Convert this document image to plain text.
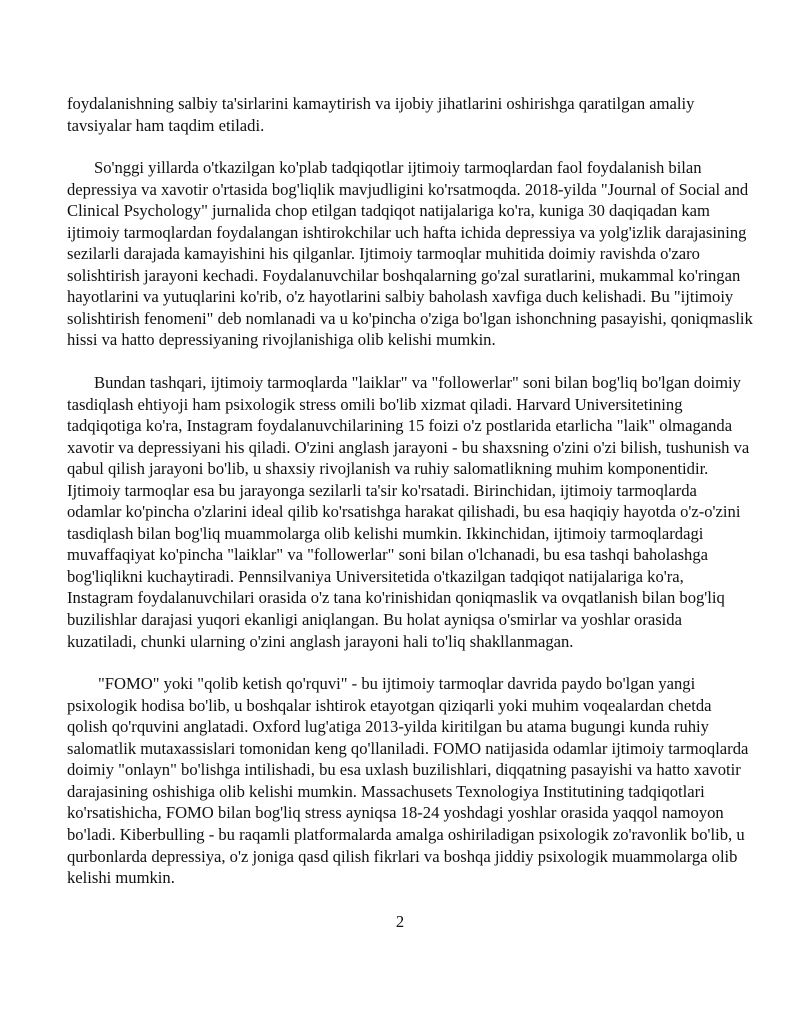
foydalanishning salbiy ta'sirlarini kamaytirish va ijobiy jihatlarini oshirishga qaratilgan amaliy tavsiyalar ham taqdim etiladi.

So'nggi yillarda o'tkazilgan ko'plab tadqiqotlar ijtimoiy tarmoqlardan faol foydalanish bilan depressiya va xavotir o'rtasida bog'liqlik mavjudligini ko'rsatmoqda. 2018-yilda "Journal of Social and Clinical Psychology" jurnalida chop etilgan tadqiqot natijalariga ko'ra, kuniga 30 daqiqadan kam ijtimoiy tarmoqlardan foydalangan ishtirokchilar uch hafta ichida depressiya va yolg'izlik darajasining sezilarli darajada kamayishini his qilganlar. Ijtimoiy tarmoqlar muhitida doimiy ravishda o'zaro solishtirish jarayoni kechadi. Foydalanuvchilar boshqalarning go'zal suratlarini, mukammal ko'ringan hayotlarini va yutuqlarini ko'rib, o'z hayotlarini salbiy baholash xavfiga duch kelishadi. Bu "ijtimoiy solishtirish fenomeni" deb nomlanadi va u ko'pincha o'ziga bo'lgan ishonchning pasayishi, qoniqmaslik hissi va hatto depressiyaning rivojlanishiga olib kelishi mumkin.

Bundan tashqari, ijtimoiy tarmoqlarda "laiklar" va "followerlar" soni bilan bog'liq bo'lgan doimiy tasdiqlash ehtiyoji ham psixologik stress omili bo'lib xizmat qiladi. Harvard Universitetining tadqiqotiga ko'ra, Instagram foydalanuvchilarining 15 foizi o'z postlarida etarlicha "laik" olmaganda xavotir va depressiyani his qiladi. O'zini anglash jarayoni - bu shaxsning o'zini o'zi bilish, tushunish va qabul qilish jarayoni bo'lib, u shaxsiy rivojlanish va ruhiy salomatlikning muhim komponentidir. Ijtimoiy tarmoqlar esa bu jarayonga sezilarli ta'sir ko'rsatadi. Birinchidan, ijtimoiy tarmoqlarda odamlar ko'pincha o'zlarini ideal qilib ko'rsatishga harakat qilishadi, bu esa haqiqiy hayotda o'z-o'zini tasdiqlash bilan bog'liq muammolarga olib kelishi mumkin. Ikkinchidan, ijtimoiy tarmoqlardagi muvaffaqiyat ko'pincha "laiklar" va "followerlar" soni bilan o'lchanadi, bu esa tashqi baholashga bog'liqlikni kuchaytiradi. Pennsilvaniya Universitetida o'tkazilgan tadqiqot natijalariga ko'ra, Instagram foydalanuvchilari orasida o'z tana ko'rinishidan qoniqmaslik va ovqatlanish bilan bog'liq buzilishlar darajasi yuqori ekanligi aniqlangan. Bu holat ayniqsa o'smirlar va yoshlar orasida kuzatiladi, chunki ularning o'zini anglash jarayoni hali to'liq shakllanmagan.

"FOMO" yoki "qolib ketish qo'rquvi" - bu ijtimoiy tarmoqlar davrida paydo bo'lgan yangi psixologik hodisa bo'lib, u boshqalar ishtirok etayotgan qiziqarli yoki muhim voqealardan chetda qolish qo'rquvini anglatadi. Oxford lug'atiga 2013-yilda kiritilgan bu atama bugungi kunda ruhiy salomatlik mutaxassislari tomonidan keng qo'llaniladi. FOMO natijasida odamlar ijtimoiy tarmoqlarda doimiy "onlayn" bo'lishga intilishadi, bu esa uxlash buzilishlari, diqqatning pasayishi va hatto xavotir darajasining oshishiga olib kelishi mumkin. Massachusets Texnologiya Institutining tadqiqotlari ko'rsatishicha, FOMO bilan bog'liq stress ayniqsa 18-24 yoshdagi yoshlar orasida yaqqol namoyon bo'ladi. Kiberbulling - bu raqamli platformalarda amalga oshiriladigan psixologik zo'ravonlik bo'lib, u qurbonlarda depressiya, o'z joniga qasd qilish fikrlari va boshqa jiddiy psixologik muammolarga olib kelishi mumkin.

2
